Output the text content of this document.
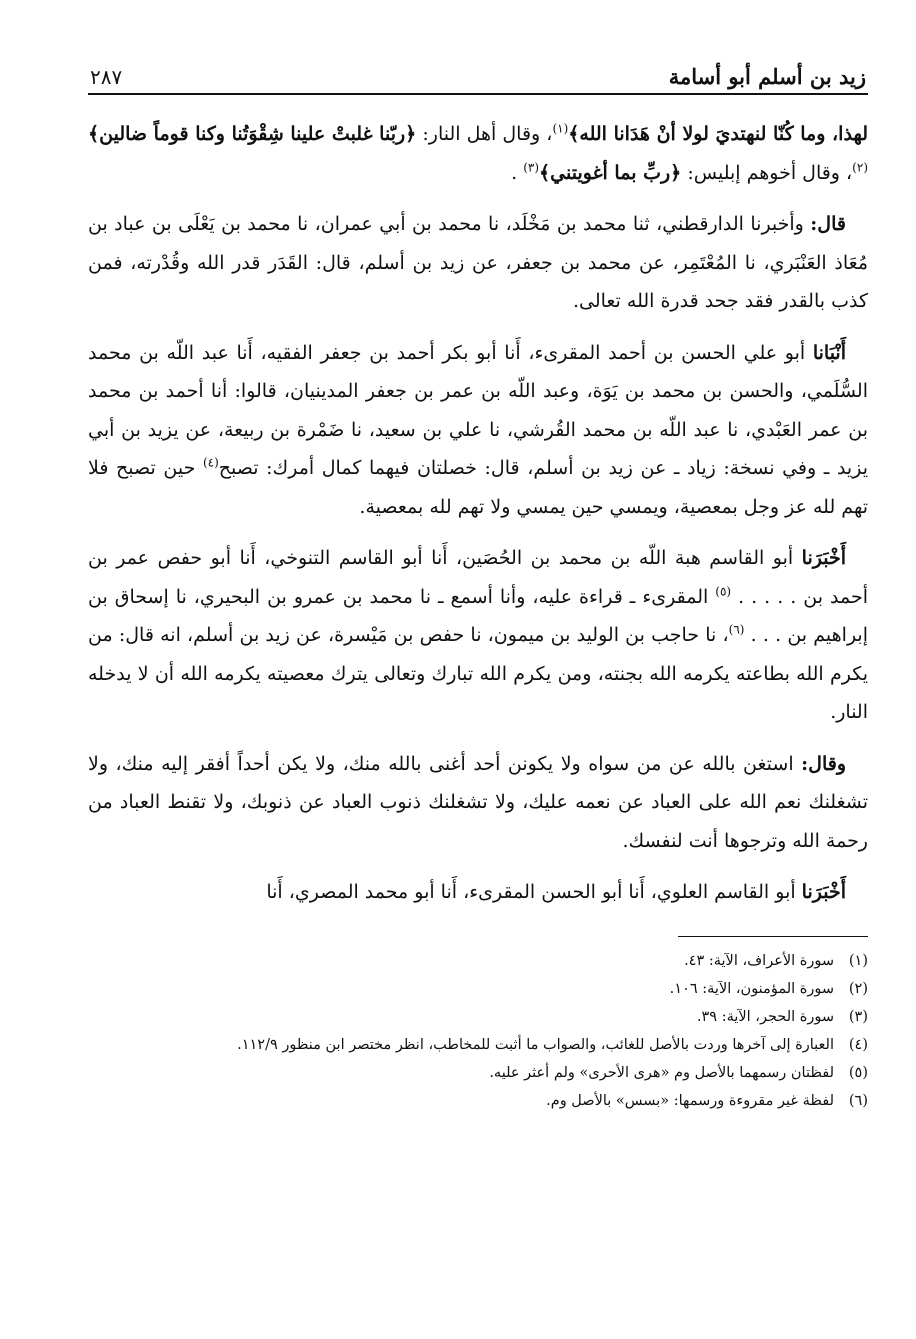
زيد بن أسلم أبو أسامة
٢٨٧

لهذا، وما كُنّا لنهتديَ لولا أنْ هَدَانا الله﴾$^{(١)}$، وقال أهل النار: ﴿ربّنا غلبتْ علينا شِقْوَتُنا وكنا قوماً ضالين﴾$^{(٢)}$، وقال أخوهم إبليس: ﴿ربِّ بما أغويتني﴾$^{(٣)}$ .

قال: وأخبرنا الدارقطني، ثنا محمد بن مَخْلَد، نا محمد بن أبي عمران، نا محمد بن يَعْلَى بن عباد بن مُعَاذ العَنْبَري، نا المُعْتَمِر، عن محمد بن جعفر، عن زيد بن أسلم، قال: القَدَر قدر الله وقُدْرته، فمن كذب بالقدر فقد جحد قدرة الله تعالى.

أَنْبَانا أبو علي الحسن بن أحمد المقرىء، أَنا أبو بكر أحمد بن جعفر الفقيه، أَنا عبد اللّه بن محمد السُّلَمي، والحسن بن محمد بن يَوَة، وعبد اللّه بن عمر بن جعفر المدينيان، قالوا: أنا أحمد بن محمد بن عمر العَبْدي، نا عبد اللّه بن محمد القُرشي، نا علي بن سعيد، نا ضَمْرة بن ربيعة، عن يزيد بن أبي يزيد ـ وفي نسخة: زياد ـ عن زيد بن أسلم، قال: خصلتان فيهما كمال أمرك: تصبح$^{(٤)}$ حين تصبح فلا تهم لله عز وجل بمعصية، ويمسي حين يمسي ولا تهم لله بمعصية.

أَخْبَرَنا أبو القاسم هبة اللّه بن محمد بن الحُصَين، أَنا أبو القاسم التنوخي، أَنا أبو حفص عمر بن أحمد بن . . . . . $^{(٥)}$ المقرىء ـ قراءة عليه، وأنا أسمع ـ نا محمد بن عمرو بن البحيري، نا إسحاق بن إبراهيم بن . . . $^{(٦)}$، نا حاجب بن الوليد بن ميمون، نا حفص بن مَيْسرة، عن زيد بن أسلم، انه قال: من يكرم الله بطاعته يكرمه الله بجنته، ومن يكرم الله تبارك وتعالى يترك معصيته يكرمه الله أن لا يدخله النار.

وقال: استغن بالله عن من سواه ولا يكونن أحد أغنى بالله منك، ولا يكن أحداً أفقر إليه منك، ولا تشغلنك نعم الله على العباد عن نعمه عليك، ولا تشغلنك ذنوب العباد عن ذنوبك، ولا تقنط العباد من رحمة الله وترجوها أنت لنفسك.

أَخْبَرَنا أبو القاسم العلوي، أَنا أبو الحسن المقرىء، أَنا أبو محمد المصري، أَنا

(١)
سورة الأعراف، الآية: ٤٣.
(٢)
سورة المؤمنون، الآية: ١٠٦.
(٣)
سورة الحجر، الآية: ٣٩.
(٤)
العبارة إلى آخرها وردت بالأصل للغائب، والصواب ما أثبت للمخاطب، انظر مختصر ابن منظور ١١٢/٩.
(٥)
لفظتان رسمهما بالأصل وم «هرى الأحرى» ولم أعثر عليه.
(٦)
لفظة غير مقروءة ورسمها: «بسس» بالأصل وم.
